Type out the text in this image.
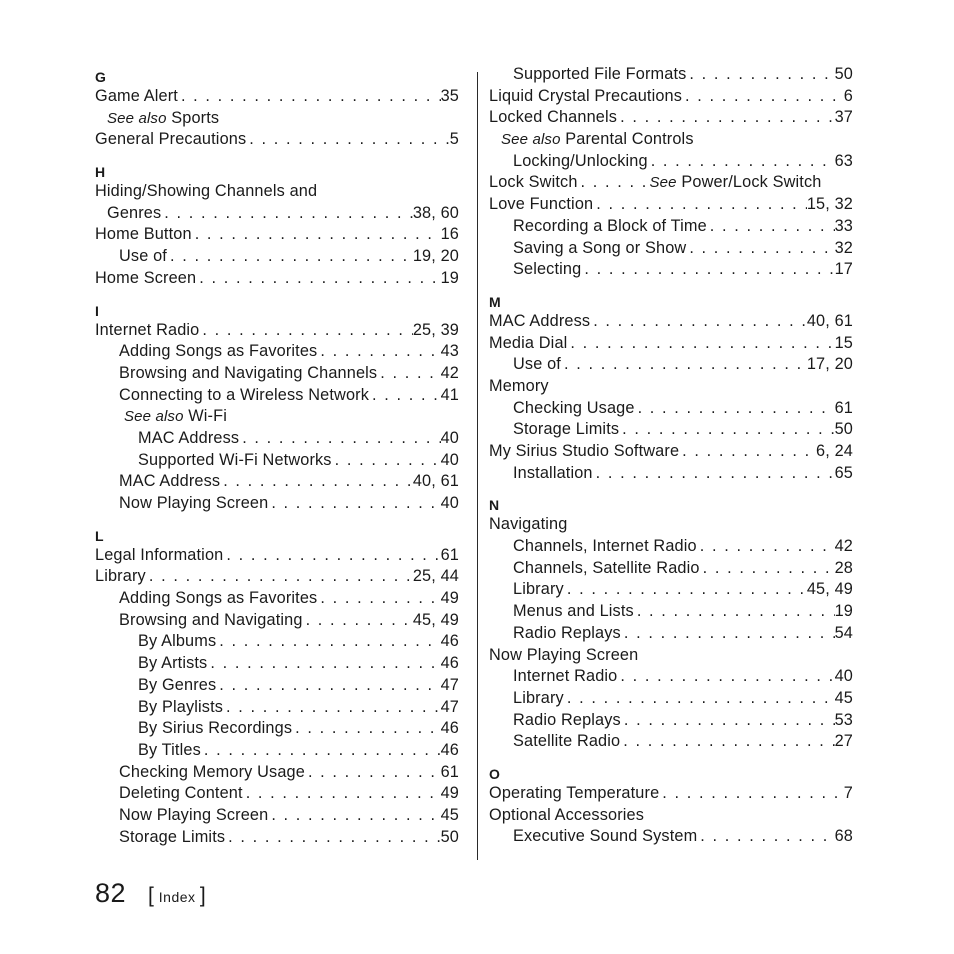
G
Game Alert . . .	35
See also
Sports
General Precautions . . .	5
H
Hiding/Showing Channels and
Genres . . .	38, 60
Home Button . . .	16
Use of . . .	19, 20
Home Screen . . .	19
I
Internet Radio . . .	25, 39
Adding Songs as Favorites . . .	43
Browsing and Navigating Channels . . .	42
Connecting to a Wireless Network . . .	41
See also
Wi-Fi
MAC Address . . .	40
Supported Wi-Fi Networks . . .	40
MAC Address . . .	40, 61
Now Playing Screen . . .	40
L
Legal Information . . .	61
Library . . .	25, 44
Adding Songs as Favorites . . .	49
Browsing and Navigating . . .	45, 49
By Albums . . .	46
By Artists . . .	46
By Genres . . .	47
By Playlists . . .	47
By Sirius Recordings . . .	46
By Titles . . .	46
Checking Memory Usage . . .	61
Deleting Content . . .	49
Now Playing Screen . . .	45
Storage Limits . . .	50
Supported File Formats . . .	50
Liquid Crystal Precautions . . .	6
Locked Channels . . .	37
See also
Parental Controls
Locking/Unlocking . . .	63
Lock Switch . . .	See
Power/Lock Switch
Love Function . . .	15, 32
Recording a Block of Time . . .	33
Saving a Song or Show . . .	32
Selecting . . .	17
M
MAC Address . . .	40, 61
Media Dial . . .	15
Use of . . .	17, 20
Memory
Checking Usage . . .	61
Storage Limits . . .	50
My Sirius Studio Software . . .	6, 24
Installation . . .	65
N
Navigating
Channels, Internet Radio . . .	42
Channels, Satellite Radio . . .	28
Library . . .	45, 49
Menus and Lists . . .	19
Radio Replays . . .	54
Now Playing Screen
Internet Radio . . .	40
Library . . .	45
Radio Replays . . .	53
Satellite Radio . . .	27
O
Operating Temperature . . .	7
Optional Accessories
Executive Sound System . . .	68
82 [ Index ]
